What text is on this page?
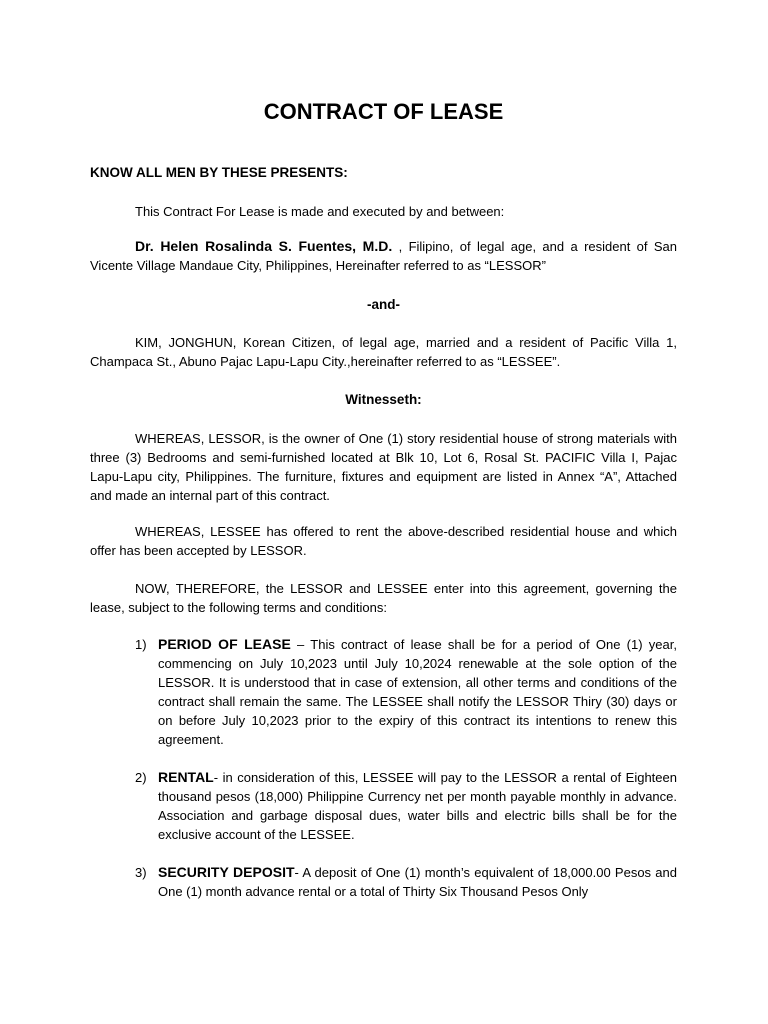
CONTRACT OF LEASE
KNOW ALL MEN BY THESE PRESENTS:
This Contract For Lease is made and executed by and between:
Dr. Helen Rosalinda S. Fuentes, M.D. , Filipino, of legal age, and a resident of San Vicente Village Mandaue City, Philippines, Hereinafter referred to as “LESSOR”
-and-
KIM, JONGHUN, Korean Citizen, of legal age, married and a resident of Pacific Villa 1, Champaca St., Abuno Pajac Lapu-Lapu City.,hereinafter referred to as “LESSEE”.
Witnesseth:
WHEREAS, LESSOR, is the owner of One (1) story residential house of strong materials with three (3) Bedrooms and semi-furnished located at Blk 10, Lot 6, Rosal St. PACIFIC Villa I, Pajac Lapu-Lapu city, Philippines. The furniture, fixtures and equipment are listed in Annex “A”, Attached and made an internal part of this contract.
WHEREAS, LESSEE has offered to rent the above-described residential house and which offer has been accepted by LESSOR.
NOW, THEREFORE, the LESSOR and LESSEE enter into this agreement, governing the lease, subject to the following terms and conditions:
1) PERIOD OF LEASE – This contract of lease shall be for a period of One (1) year, commencing on July 10,2023 until July 10,2024 renewable at the sole option of the LESSOR. It is understood that in case of extension, all other terms and conditions of the contract shall remain the same. The LESSEE shall notify the LESSOR Thiry (30) days or on before July 10,2023 prior to the expiry of this contract its intentions to renew this agreement.
2) RENTAL- in consideration of this, LESSEE will pay to the LESSOR a rental of Eighteen thousand pesos (18,000) Philippine Currency net per month payable monthly in advance. Association and garbage disposal dues, water bills and electric bills shall be for the exclusive account of the LESSEE.
3) SECURITY DEPOSIT- A deposit of One (1) month’s equivalent of 18,000.00 Pesos and One (1) month advance rental or a total of Thirty Six Thousand Pesos Only
